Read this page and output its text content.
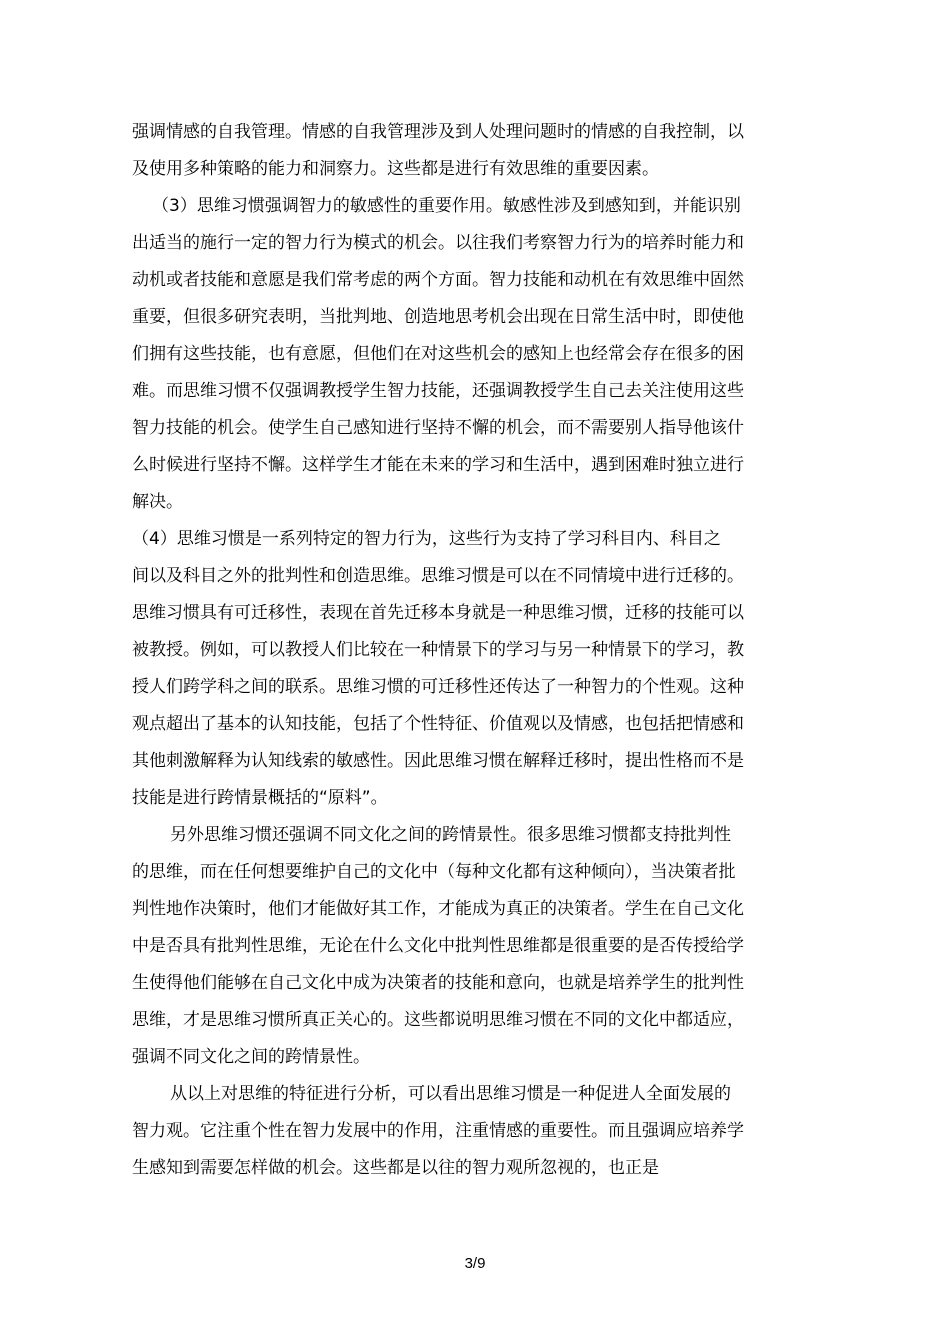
强调情感的自我管理。情感的自我管理涉及到人处理问题时的情感的自我控制，以
及使用多种策略的能力和洞察力。这些都是进行有效思维的重要因素。
（3）思维习惯强调智力的敏感性的重要作用。敏感性涉及到感知到，并能识别
出适当的施行一定的智力行为模式的机会。以往我们考察智力行为的培养时能力和
动机或者技能和意愿是我们常考虑的两个方面。智力技能和动机在有效思维中固然
重要，但很多研究表明，当批判地、创造地思考机会出现在日常生活中时，即使他
们拥有这些技能，也有意愿，但他们在对这些机会的感知上也经常会存在很多的困
难。而思维习惯不仅强调教授学生智力技能，还强调教授学生自己去关注使用这些
智力技能的机会。使学生自己感知进行坚持不懈的机会，而不需要别人指导他该什
么时候进行坚持不懈。这样学生才能在未来的学习和生活中，遇到困难时独立进行
解决。
（4）思维习惯是一系列特定的智力行为，这些行为支持了学习科目内、科目之
间以及科目之外的批判性和创造思维。思维习惯是可以在不同情境中进行迁移的。
思维习惯具有可迁移性，表现在首先迁移本身就是一种思维习惯，迁移的技能可以
被教授。例如，可以教授人们比较在一种情景下的学习与另一种情景下的学习，教
授人们跨学科之间的联系。思维习惯的可迁移性还传达了一种智力的个性观。这种
观点超出了基本的认知技能，包括了个性特征、价值观以及情感，也包括把情感和
其他刺激解释为认知线索的敏感性。因此思维习惯在解释迁移时，提出性格而不是
技能是进行跨情景概括的“原料”。
另外思维习惯还强调不同文化之间的跨情景性。很多思维习惯都支持批判性
的思维，而在任何想要维护自己的文化中（每种文化都有这种倾向），当决策者批
判性地作决策时，他们才能做好其工作，才能成为真正的决策者。学生在自己文化
中是否具有批判性思维，无论在什么文化中批判性思维都是很重要的是否传授给学
生使得他们能够在自己文化中成为决策者的技能和意向，也就是培养学生的批判性
思维，才是思维习惯所真正关心的。这些都说明思维习惯在不同的文化中都适应，
强调不同文化之间的跨情景性。
从以上对思维的特征进行分析，可以看出思维习惯是一种促进人全面发展的
智力观。它注重个性在智力发展中的作用，注重情感的重要性。而且强调应培养学
生感知到需要怎样做的机会。这些都是以往的智力观所忽视的，也正是
3/9
